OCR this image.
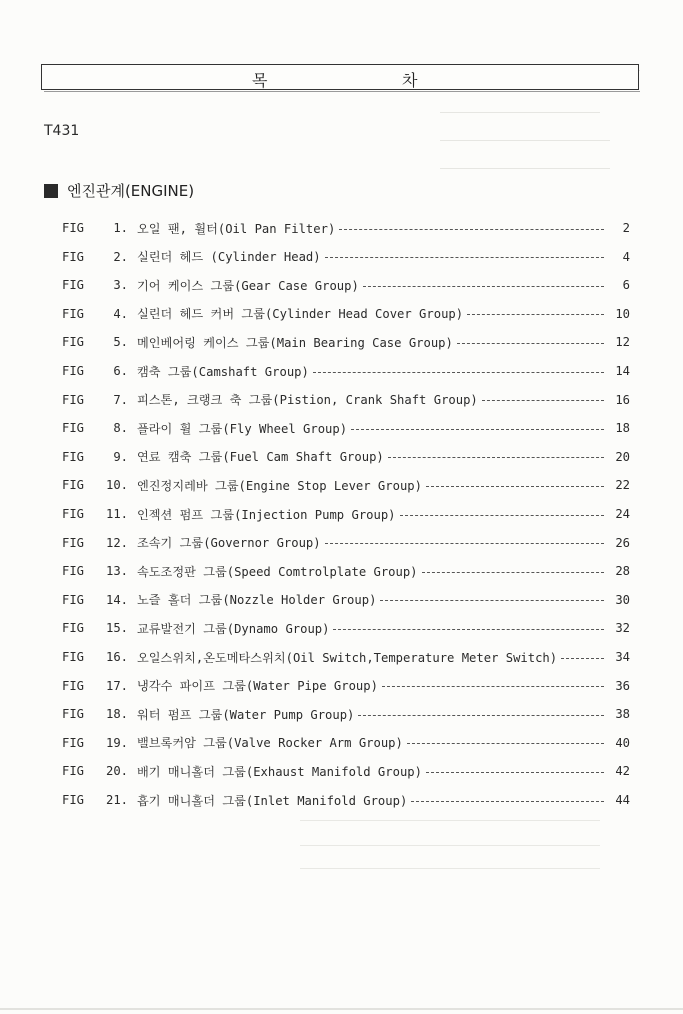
목	차
T431
엔진관계(ENGINE)
FIG	1. 오일 팬, 휠터(Oil Pan Filter)	2
FIG	2. 실린더 헤드 (Cylinder Head)	4
FIG	3. 기어 케이스 그룹(Gear Case Group)	6
FIG	4. 실린더 헤드 커버 그룹(Cylinder Head Cover Group)	10
FIG	5. 메인베어링 케이스 그룹(Main Bearing Case Group)	12
FIG	6. 캠축 그룹(Camshaft Group)	14
FIG	7. 피스톤, 크랭크 축 그룹(Pistion, Crank Shaft Group)	16
FIG	8. 플라이 휠 그룹(Fly Wheel Group)	18
FIG	9. 연료 캠축 그룹(Fuel Cam Shaft Group)	20
FIG	10. 엔진정지레바 그룹(Engine Stop Lever Group)	22
FIG	11. 인젝션 펌프 그룹(Injection Pump Group)	24
FIG	12. 조속기 그룹(Governor Group)	26
FIG	13. 속도조정판 그룹(Speed Comtrolplate Group)	28
FIG	14. 노즐 홀더 그룹(Nozzle Holder Group)	30
FIG	15. 교류발전기 그룹(Dynamo Group)	32
FIG	16. 오일스위치,온도메타스위치(Oil Switch,Temperature Meter Switch)	34
FIG	17. 냉각수 파이프 그룹(Water Pipe Group)	36
FIG	18. 워터 펌프 그룹(Water Pump Group)	38
FIG	19. 밸브록커암 그룹(Valve Rocker Arm Group)	40
FIG	20. 배기 매니홀더 그룹(Exhaust Manifold Group)	42
FIG	21. 흡기 매니홀더 그룹(Inlet Manifold Group)	44
